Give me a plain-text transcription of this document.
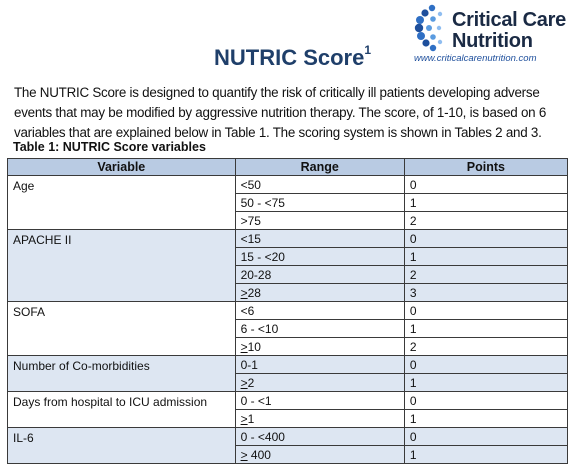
Critical Care
Nutrition
www.criticalcarenutrition.com
NUTRIC Score$^1$
The NUTRIC Score is designed to quantify the risk of critically ill patients developing adverse events that may be modified by aggressive nutrition therapy. The score, of 1-10, is based on 6 variables that are explained below in Table 1. The scoring system is shown in Tables 2 and 3.
Table 1: NUTRIC Score variables
Variable	Range	Points
Age	<50	0
	50 - <75	1
	>75	2
APACHE II	<15	0
	15 - <20	1
	20-28	2
	>28	3
SOFA	<6	0
	6 - <10	1
	>10	2
Number of Co-morbidities	0-1	0
	>2	1
Days from hospital to ICU admission	0 - <1	0
	>1	1
IL-6	0 - <400	0
	> 400	1
